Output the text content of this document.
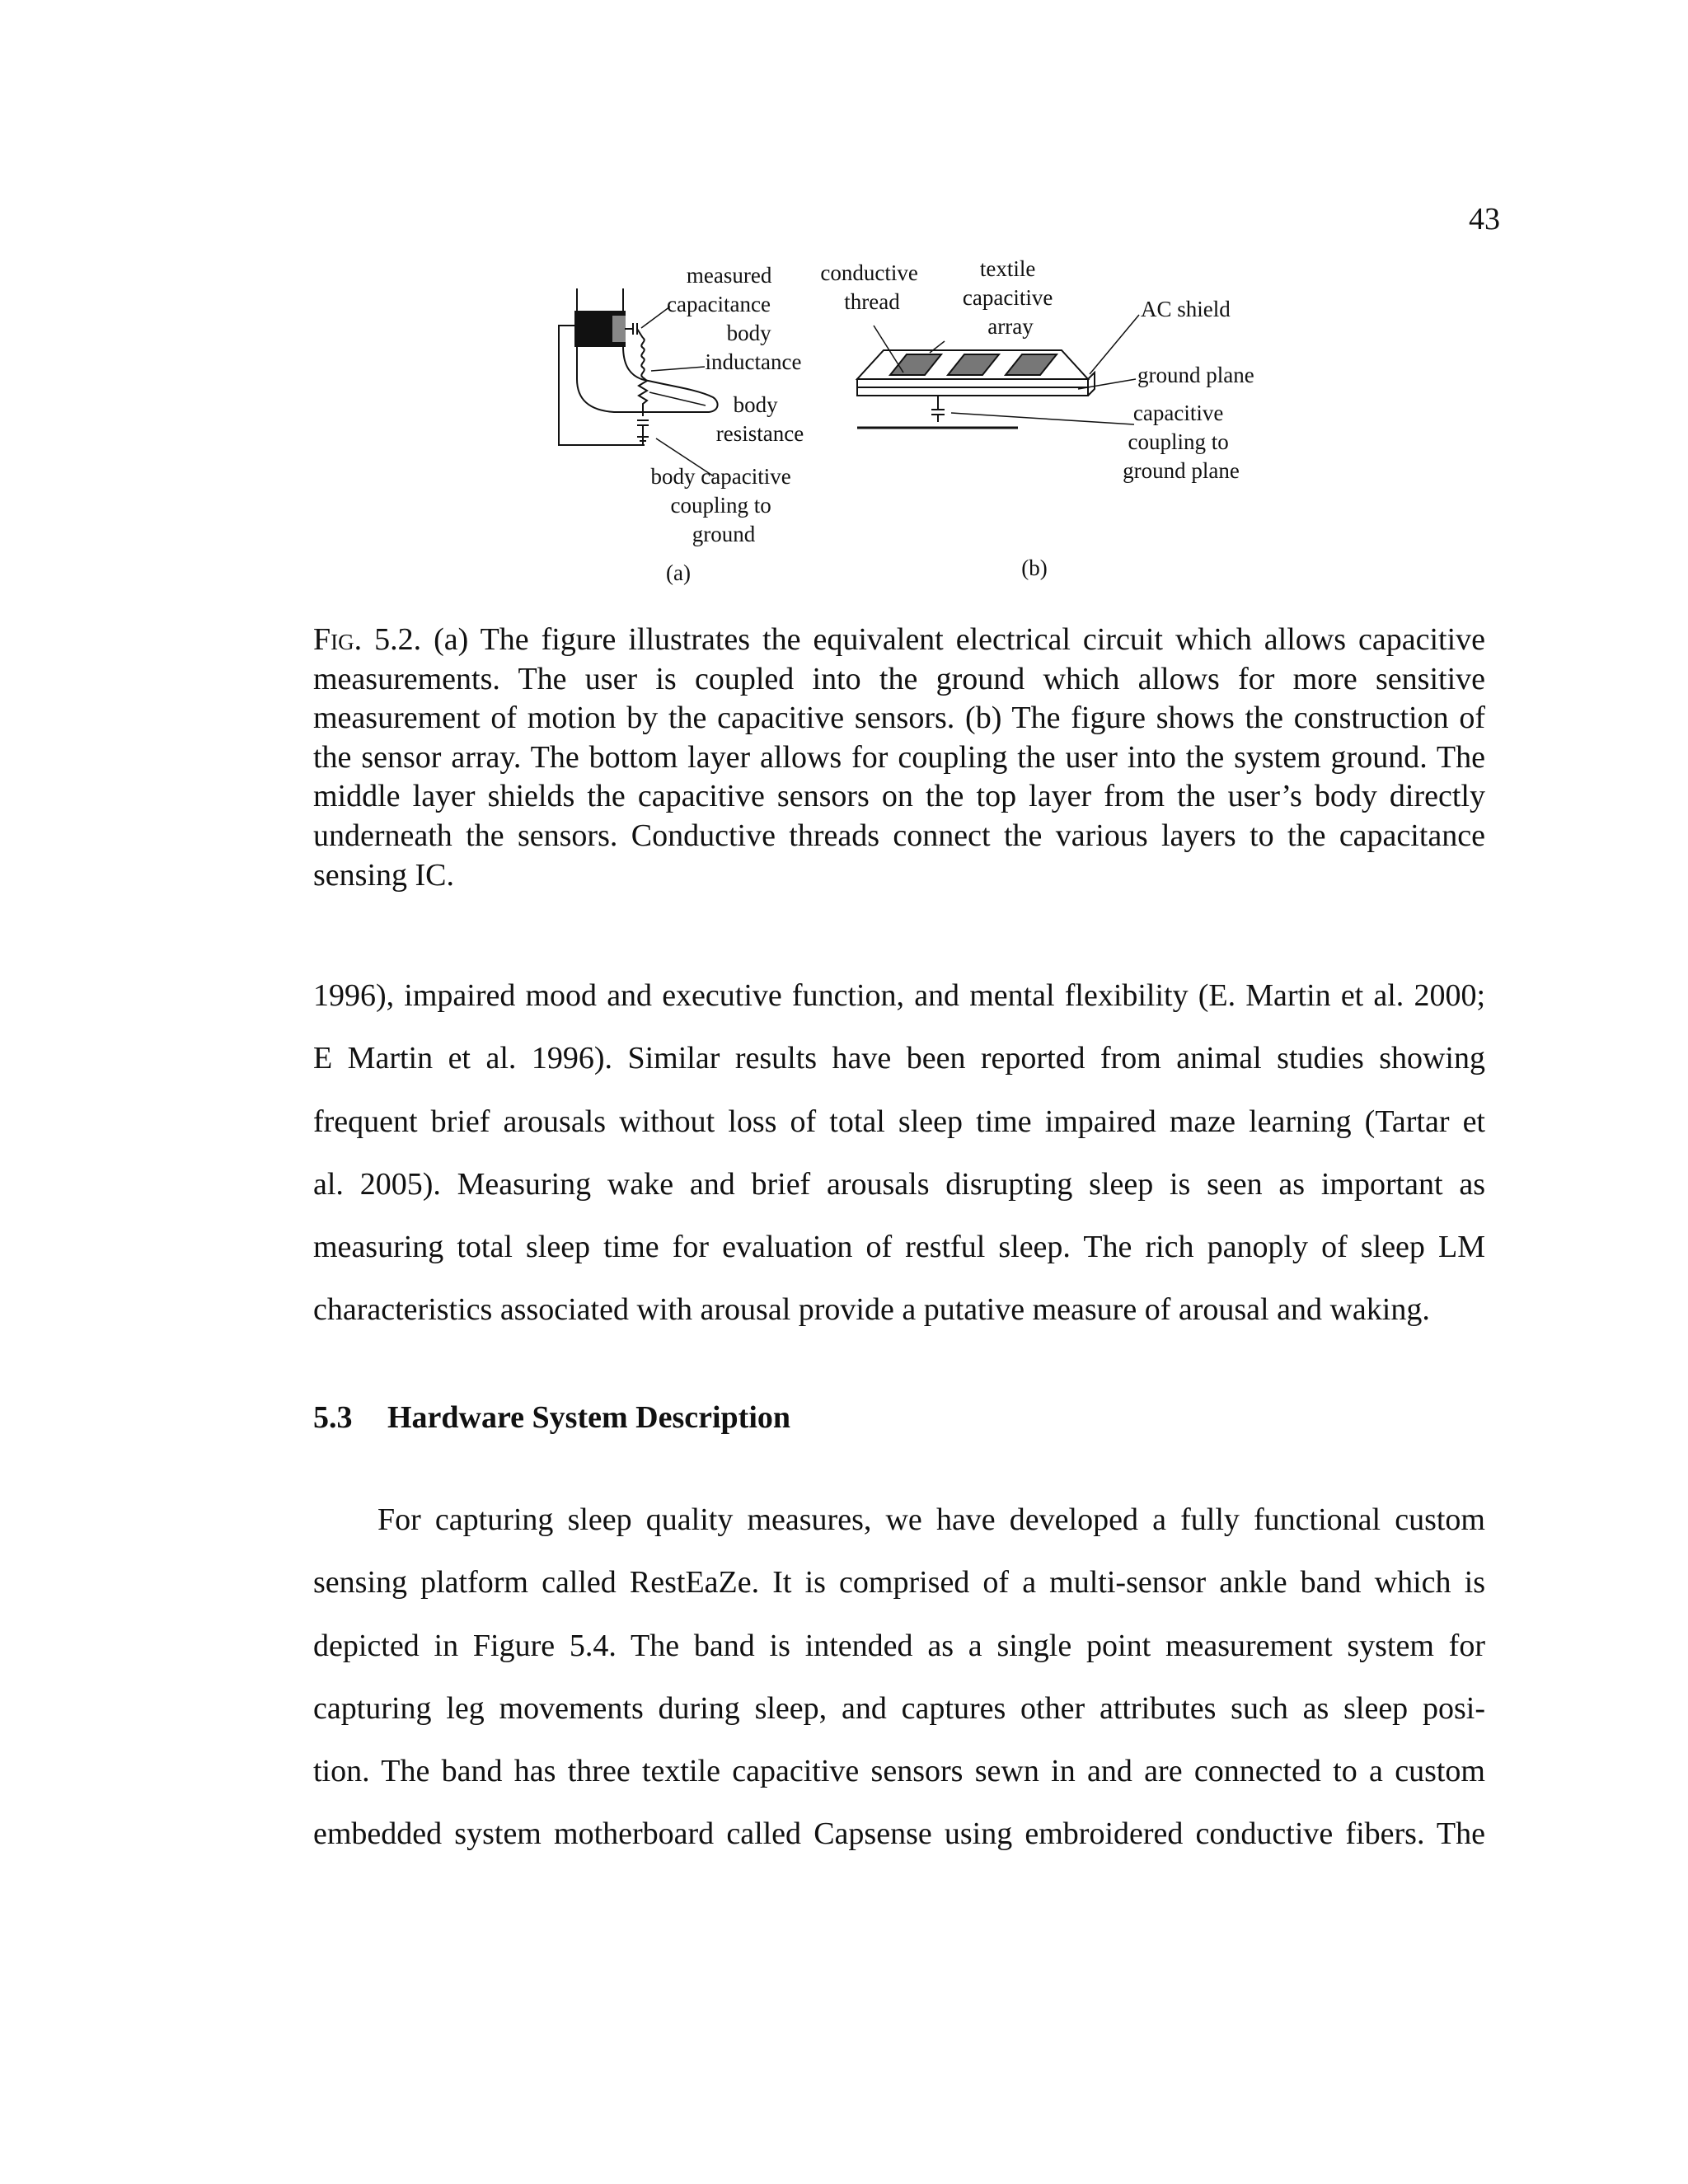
43
measured capacitance
body inductance
body resistance
body capacitive coupling to ground
(a)
conductive thread
textile capacitive array
AC shield
ground plane
capacitive coupling to ground plane
(b)
Fig. 5.2. (a) The figure illustrates the equivalent electrical circuit which allows capacitive measurements. The user is coupled into the ground which allows for more sensitive measurement of motion by the capacitive sensors. (b) The figure shows the construction of the sensor array. The bottom layer allows for coupling the user into the system ground. The middle layer shields the capacitive sensors on the top layer from the user’s body directly underneath the sensors. Conductive threads connect the various layers to the capacitance sensing IC.
1996), impaired mood and executive function, and mental flexibility (E. Martin et al. 2000;
E Martin et al. 1996). Similar results have been reported from animal studies showing
frequent brief arousals without loss of total sleep time impaired maze learning (Tartar et
al. 2005). Measuring wake and brief arousals disrupting sleep is seen as important as
measuring total sleep time for evaluation of restful sleep. The rich panoply of sleep LM
characteristics associated with arousal provide a putative measure of arousal and waking.
5.3 Hardware System Description
For capturing sleep quality measures, we have developed a fully functional custom
sensing platform called RestEaZe. It is comprised of a multi-sensor ankle band which is
depicted in Figure 5.4. The band is intended as a single point measurement system for
capturing leg movements during sleep, and captures other attributes such as sleep posi-
tion. The band has three textile capacitive sensors sewn in and are connected to a custom
embedded system motherboard called Capsense using embroidered conductive fibers. The
